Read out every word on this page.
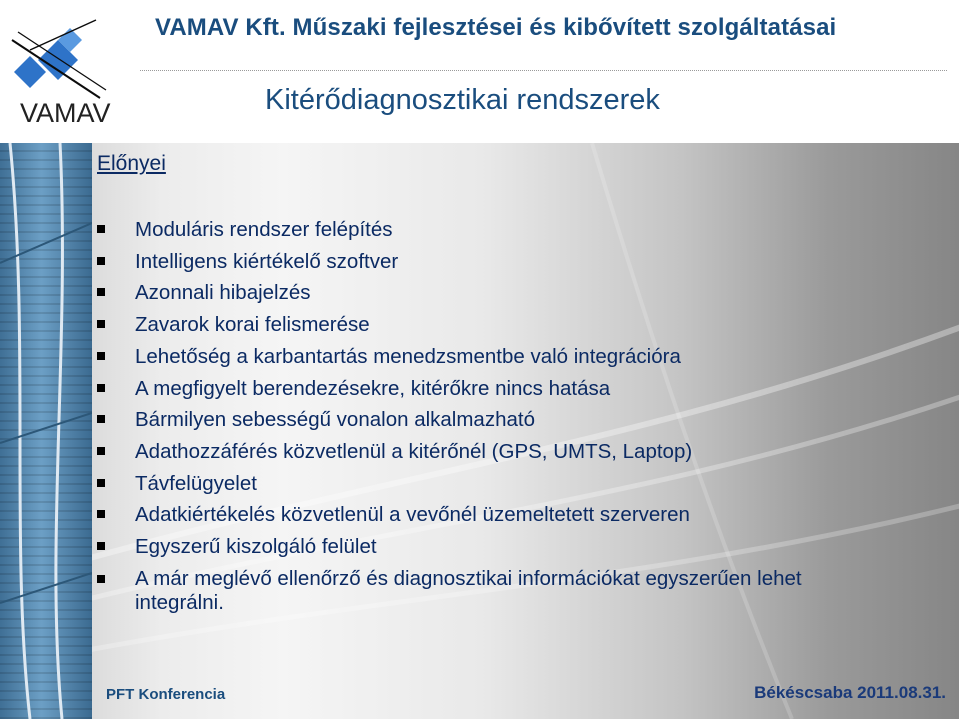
VAMAV
VAMAV Kft. Műszaki fejlesztései és kibővített szolgáltatásai
Kitérődiagnosztikai rendszerek
Előnyei
Moduláris rendszer felépítés
Intelligens kiértékelő szoftver
Azonnali hibajelzés
Zavarok korai felismerése
Lehetőség a karbantartás menedzsmentbe való integrációra
A megfigyelt berendezésekre, kitérőkre nincs hatása
Bármilyen sebességű vonalon alkalmazható
Adathozzáférés közvetlenül a kitérőnél (GPS, UMTS, Laptop)
Távfelügyelet
Adatkiértékelés közvetlenül a vevőnél üzemeltetett szerveren
Egyszerű kiszolgáló felület
A már meglévő ellenőrző és diagnosztikai információkat egyszerűen lehet integrálni.
PFT Konferencia	Békéscsaba 2011.08.31.
